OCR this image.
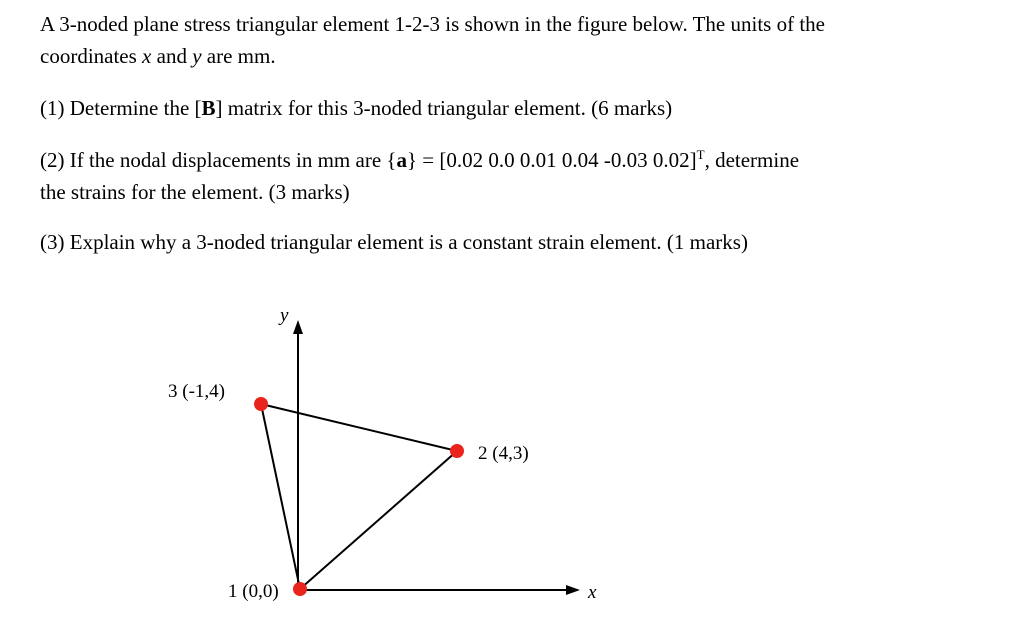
A 3-noded plane stress triangular element 1-2-3 is shown in the figure below. The units of the
coordinates x and y are mm.

(1) Determine the [B] matrix for this 3-noded triangular element. (6 marks)

(2) If the nodal displacements in mm are {a} = [0.02 0.0 0.01 0.04 -0.03 0.02]$^T$, determine
the strains for the element. (3 marks)

(3) Explain why a 3-noded triangular element is a constant strain element. (1 marks)

y
x
1 (0,0)
2 (4,3)
3 (-1,4)
